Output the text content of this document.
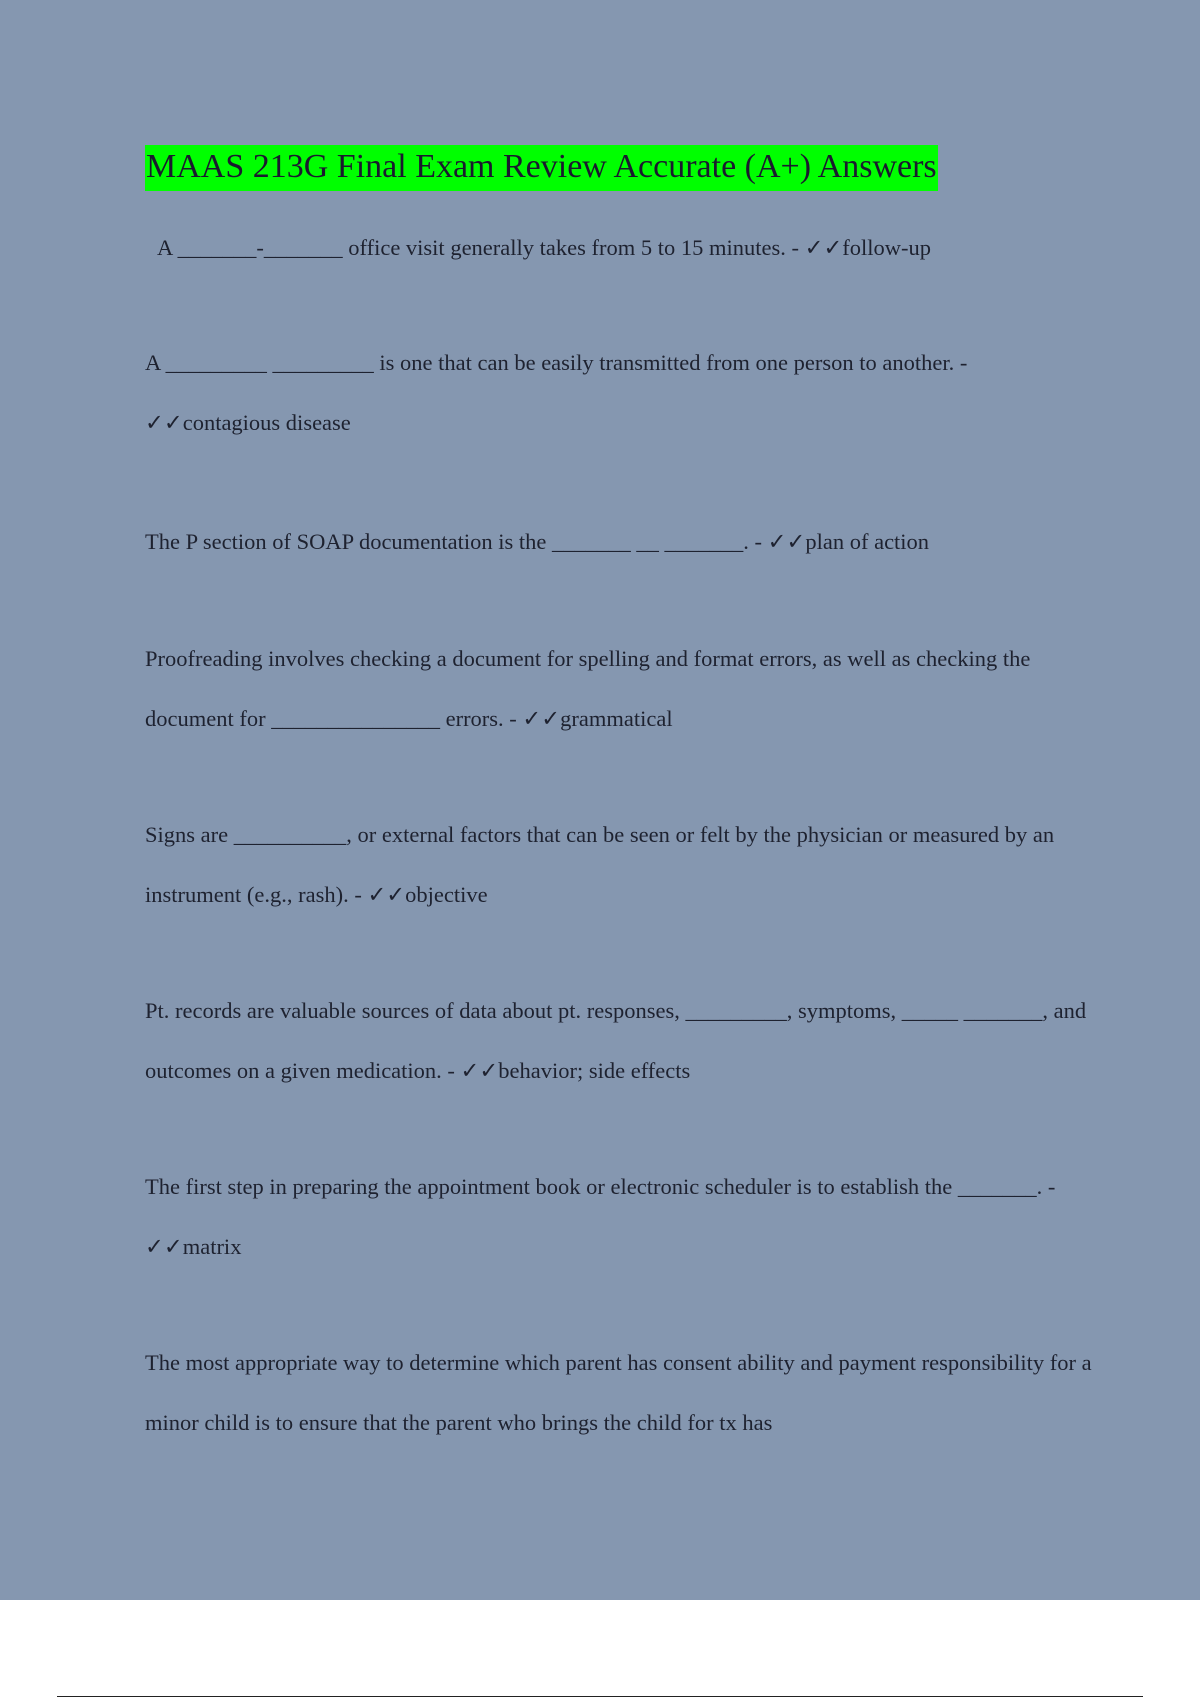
MAAS 213G Final Exam Review Accurate (A+) Answers

A _______-_______ office visit generally takes from 5 to 15 minutes. - ✓✓follow-up

A _________ _________ is one that can be easily transmitted from one person to another. - ✓✓contagious disease

The P section of SOAP documentation is the _______ __ _______. - ✓✓plan of action

Proofreading involves checking a document for spelling and format errors, as well as checking the document for _______________ errors. - ✓✓grammatical

Signs are __________, or external factors that can be seen or felt by the physician or measured by an instrument (e.g., rash). - ✓✓objective

Pt. records are valuable sources of data about pt. responses, _________, symptoms, _____ _______, and outcomes on a given medication. - ✓✓behavior; side effects

The first step in preparing the appointment book or electronic scheduler is to establish the _______. - ✓✓matrix

The most appropriate way to determine which parent has consent ability and payment responsibility for a minor child is to ensure that the parent who brings the child for tx has
